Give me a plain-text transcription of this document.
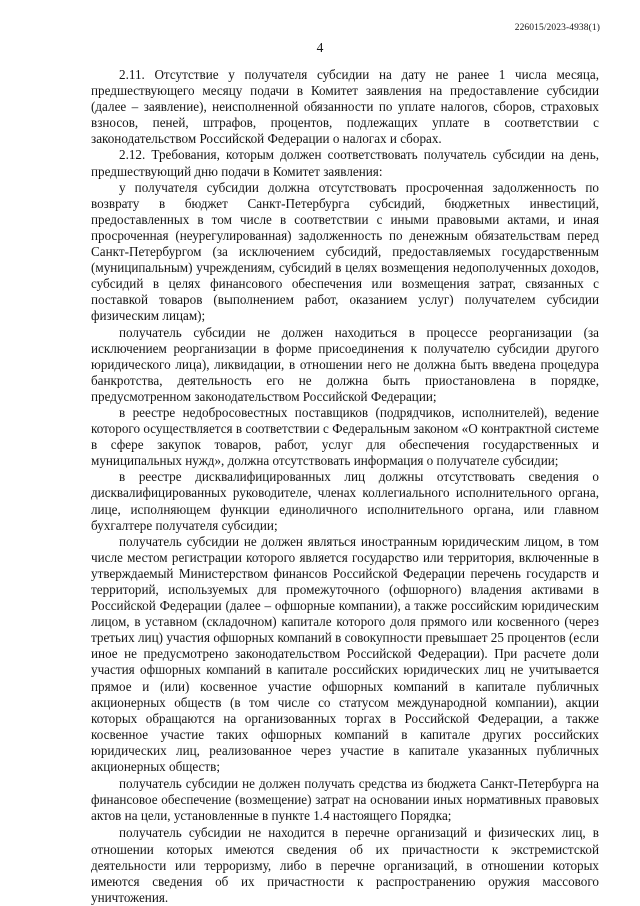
226015/2023-4938(1)
4

2.11. Отсутствие у получателя субсидии на дату не ранее 1 числа месяца, предшествующего месяцу подачи в Комитет заявления на предоставление субсидии (далее – заявление), неисполненной обязанности по уплате налогов, сборов, страховых взносов, пеней, штрафов, процентов, подлежащих уплате в соответствии с законодательством Российской Федерации о налогах и сборах.

2.12. Требования, которым должен соответствовать получатель субсидии на день, предшествующий дню подачи в Комитет заявления:

у получателя субсидии должна отсутствовать просроченная задолженность по возврату в бюджет Санкт-Петербурга субсидий, бюджетных инвестиций, предоставленных в том числе в соответствии с иными правовыми актами, и иная просроченная (неурегулированная) задолженность по денежным обязательствам перед Санкт-Петербургом (за исключением субсидий, предоставляемых государственным (муниципальным) учреждениям, субсидий в целях возмещения недополученных доходов, субсидий в целях финансового обеспечения или возмещения затрат, связанных с поставкой товаров (выполнением работ, оказанием услуг) получателем субсидии физическим лицам);

получатель субсидии не должен находиться в процессе реорганизации (за исключением реорганизации в форме присоединения к получателю субсидии другого юридического лица), ликвидации, в отношении него не должна быть введена процедура банкротства, деятельность его не должна быть приостановлена в порядке, предусмотренном законодательством Российской Федерации;

в реестре недобросовестных поставщиков (подрядчиков, исполнителей), ведение которого осуществляется в соответствии с Федеральным законом «О контрактной системе в сфере закупок товаров, работ, услуг для обеспечения государственных и муниципальных нужд», должна отсутствовать информация о получателе субсидии;

в реестре дисквалифицированных лиц должны отсутствовать сведения о дисквалифицированных руководителе, членах коллегиального исполнительного органа, лице, исполняющем функции единоличного исполнительного органа, или главном бухгалтере получателя субсидии;

получатель субсидии не должен являться иностранным юридическим лицом, в том числе местом регистрации которого является государство или территория, включенные в утверждаемый Министерством финансов Российской Федерации перечень государств и территорий, используемых для промежуточного (офшорного) владения активами в Российской Федерации (далее – офшорные компании), а также российским юридическим лицом, в уставном (складочном) капитале которого доля прямого или косвенного (через третьих лиц) участия офшорных компаний в совокупности превышает 25 процентов (если иное не предусмотрено законодательством Российской Федерации). При расчете доли участия офшорных компаний в капитале российских юридических лиц не учитывается прямое и (или) косвенное участие офшорных компаний в капитале публичных акционерных обществ (в том числе со статусом международной компании), акции которых обращаются на организованных торгах в Российской Федерации, а также косвенное участие таких офшорных компаний в капитале других российских юридических лиц, реализованное через участие в капитале указанных публичных акционерных обществ;

получатель субсидии не должен получать средства из бюджета Санкт-Петербурга на финансовое обеспечение (возмещение) затрат на основании иных нормативных правовых актов на цели, установленные в пункте 1.4 настоящего Порядка;

получатель субсидии не находится в перечне организаций и физических лиц, в отношении которых имеются сведения об их причастности к экстремистской деятельности или терроризму, либо в перечне организаций, в отношении которых имеются сведения об их причастности к распространению оружия массового уничтожения.
